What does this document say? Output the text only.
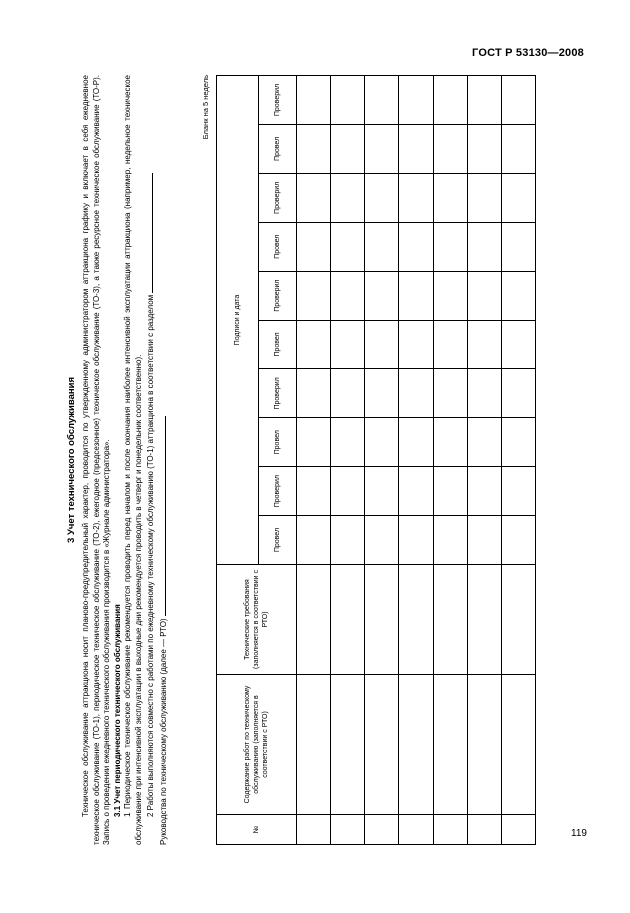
ГОСТ Р 53130—2008
3 Учет технического обслуживания Техническое обслуживание аттракциона носит планово-предупредительный характер, проводится по утвержденному администратором аттракциона графику и включает в себя ежедневное техническое обслуживание (ТО-1), периодическое техническое обслуживание (ТО-2), ежегодное (предсезонное) техническое обслуживание (ТО-3), а также ресурсное техническое обслуживание (ТО-Р). Запись о проведении ежедневного технического обслуживания производится в «Журнале администратора». 3.1 Учет периодического технического обслуживания 1 Периодическое техническое обслуживание рекомендуется проводить перед началом и после окончания наиболее интенсивной эксплуатации аттракциона (например, недельное техническое обслуживание при интенсивной эксплуатации в выходные дни рекомендуется проводить в четверг и понедельник соответственно). 2 Работы выполняются совместно с работами по ежедневному техническому обслуживанию (ТО-1) аттракциона в соответствии с разделом Руководства по техническому обслуживанию (далее — РТО)

Бланк на 5 недель
№	Содержание работ по техническому обслуживанию (заполняется в соответствии с РТО)	Технические требования (заполняется в соответствии с РТО)	Подписи и дата									
			Провел	Проверил	Провел	Проверил	Провел	Проверил	Провел	Проверил	Провел	Проверил

119
